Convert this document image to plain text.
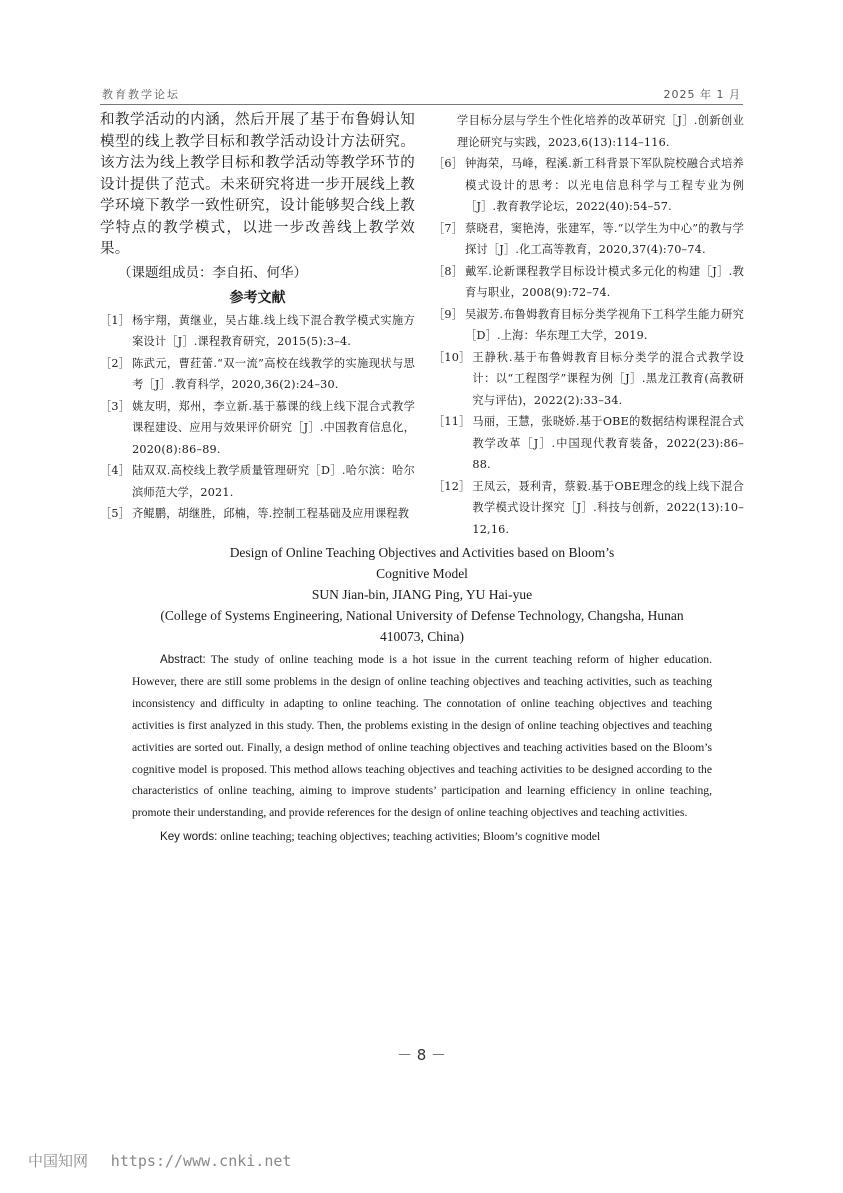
教育教学论坛	2025 年 1 月

和教学活动的内涵，然后开展了基于布鲁姆认知模型的线上教学目标和教学活动设计方法研究。该方法为线上教学目标和教学活动等教学环节的设计提供了范式。未来研究将进一步开展线上教学环境下教学一致性研究，设计能够契合线上教学特点的教学模式，以进一步改善线上教学效果。

（课题组成员：李自拓、何华）
参考文献
［1］ 杨宇翔，黄继业，吴占雄.线上线下混合教学模式实施方案设计［J］.课程教育研究，2015(5):3–4.
［2］ 陈武元，曹荭蕾.“双一流”高校在线教学的实施现状与思考［J］.教育科学，2020,36(2):24–30.
［3］ 姚友明，郑州，李立新.基于慕课的线上线下混合式教学课程建设、应用与效果评价研究［J］.中国教育信息化，2020(8):86–89.
［4］ 陆双双.高校线上教学质量管理研究［D］.哈尔滨：哈尔滨师范大学，2021.
［5］ 齐鲲鹏，胡继胜，邱楠，等.控制工程基础及应用课程教
学目标分层与学生个性化培养的改革研究［J］.创新创业理论研究与实践，2023,6(13):114–116.
［6］ 钟海荣，马峰，程溪.新工科背景下军队院校融合式培养模式设计的思考：以光电信息科学与工程专业为例［J］.教育教学论坛，2022(40):54–57.
［7］ 蔡晓君，窦艳涛，张建军，等.“以学生为中心”的教与学探讨［J］.化工高等教育，2020,37(4):70–74.
［8］ 戴军.论新课程教学目标设计模式多元化的构建［J］.教育与职业，2008(9):72–74.
［9］ 吴淑芳.布鲁姆教育目标分类学视角下工科学生能力研究［D］.上海：华东理工大学，2019.
［10］ 王静秋.基于布鲁姆教育目标分类学的混合式教学设计：以“工程图学”课程为例［J］.黑龙江教育(高教研究与评估)，2022(2):33–34.
［11］ 马丽，王慧，张晓娇.基于OBE的数据结构课程混合式教学改革［J］.中国现代教育装备，2022(23):86–88.
［12］ 王凤云，聂利青，蔡毅.基于OBE理念的线上线下混合教学模式设计探究［J］.科技与创新，2022(13):10–12,16.

Design of Online Teaching Objectives and Activities based on Bloom’s
Cognitive Model

SUN Jian-bin, JIANG Ping, YU Hai-yue

(College of Systems Engineering, National University of Defense Technology, Changsha, Hunan
410073, China)

Abstract: The study of online teaching mode is a hot issue in the current teaching reform of higher education. However, there are still some problems in the design of online teaching objectives and teaching activities, such as teaching inconsistency and difficulty in adapting to online teaching. The connotation of online teaching objectives and teaching activities is first analyzed in this study. Then, the problems existing in the design of online teaching objectives and teaching activities are sorted out. Finally, a design method of online teaching objectives and teaching activities based on the Bloom’s cognitive model is proposed. This method allows teaching objectives and teaching activities to be designed according to the characteristics of online teaching, aiming to improve students’ participation and learning efficiency in online teaching, promote their understanding, and provide references for the design of online teaching objectives and teaching activities.

Key words: online teaching; teaching objectives; teaching activities; Bloom’s cognitive model

－ 8 －
中国知网 https://www.cnki.net
